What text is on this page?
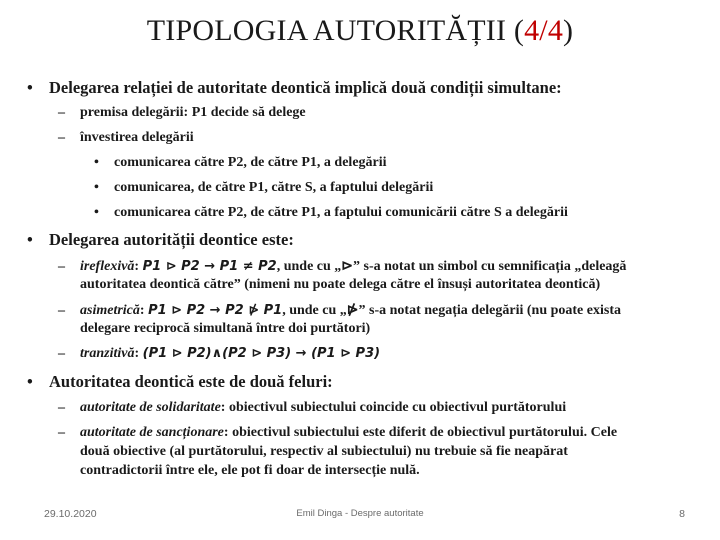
TIPOLOGIA AUTORITĂȚII (4/4)
• Delegarea relației de autoritate deontică implică două condiții simultane:
– premisa delegării: P1 decide să delege
– învestirea delegării
• comunicarea către P2, de către P1, a delegării
• comunicarea, de către P1, către S, a faptului delegării
• comunicarea către P2, de către P1, a faptului comunicării către S a delegării
• Delegarea autorității deontice este:
– ireflexivă: P1 ⊳ P2 → P1 ≠ P2, unde cu „⊳” s-a notat un simbol cu semnificația „deleagă
autoritatea deontică către” (nimeni nu poate delega către el însuși autoritatea deontică)
– asimetrică: P1 ⊳ P2 → P2 ⋫ P1, unde cu „⋫” s-a notat negația delegării (nu poate exista
delegare reciprocă simultană între doi purtători)
– tranzitivă: (P1 ⊳ P2)∧(P2 ⊳ P3) → (P1 ⊳ P3)
• Autoritatea deontică este de două feluri:
– autoritate de solidaritate: obiectivul subiectului coincide cu obiectivul purtătorului
– autoritate de sancționare: obiectivul subiectului este diferit de obiectivul purtătorului. Cele
două obiective (al purtătorului, respectiv al subiectului) nu trebuie să fie neapărat
contradictorii între ele, ele pot fi doar de intersecție nulă.
29.10.2020	Emil Dinga - Despre autoritate	8
